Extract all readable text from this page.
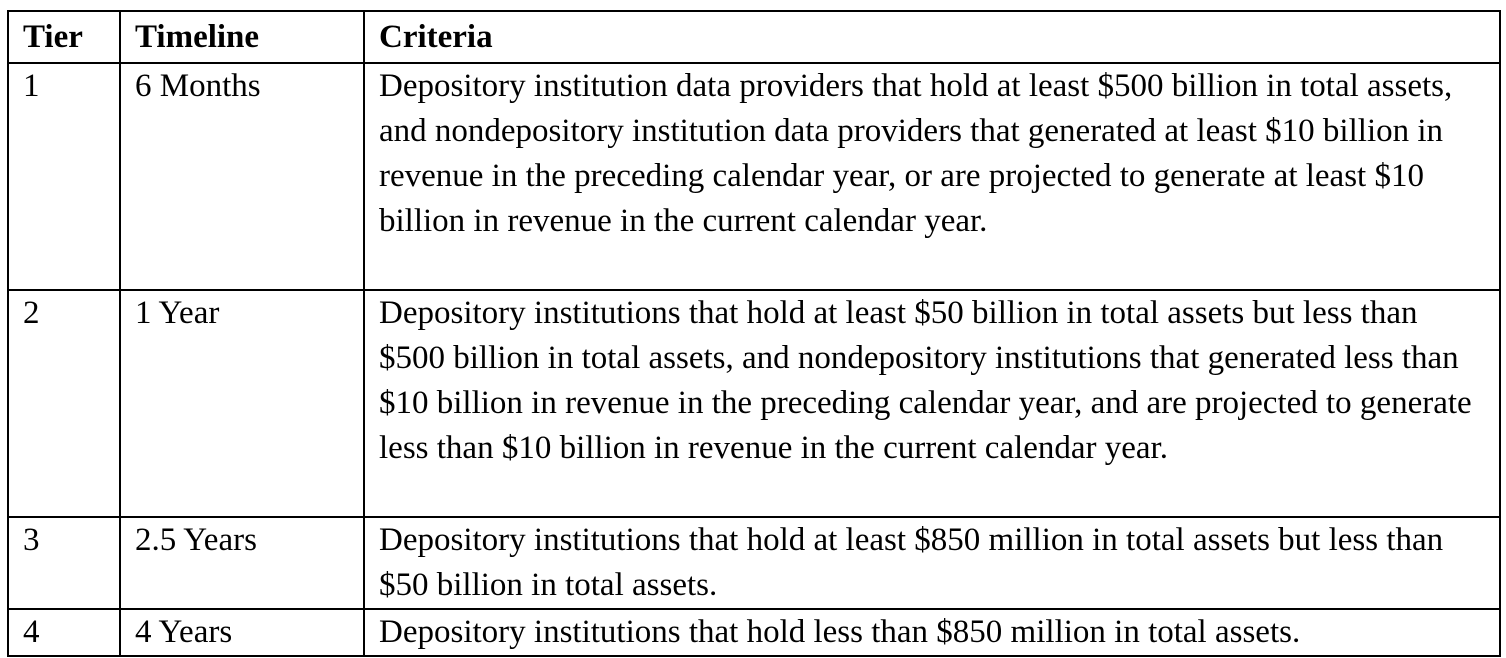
Tier	Timeline	Criteria
1	6 Months	Depository institution data providers that hold at least $500 billion in total assets, and nondepository institution data providers that generated at least $10 billion in revenue in the preceding calendar year, or are projected to generate at least $10 billion in revenue in the current calendar year.
2	1 Year	Depository institutions that hold at least $50 billion in total assets but less than $500 billion in total assets, and nondepository institutions that generated less than $10 billion in revenue in the preceding calendar year, and are projected to generate less than $10 billion in revenue in the current calendar year.
3	2.5 Years	Depository institutions that hold at least $850 million in total assets but less than $50 billion in total assets.
4	4 Years	Depository institutions that hold less than $850 million in total assets.
